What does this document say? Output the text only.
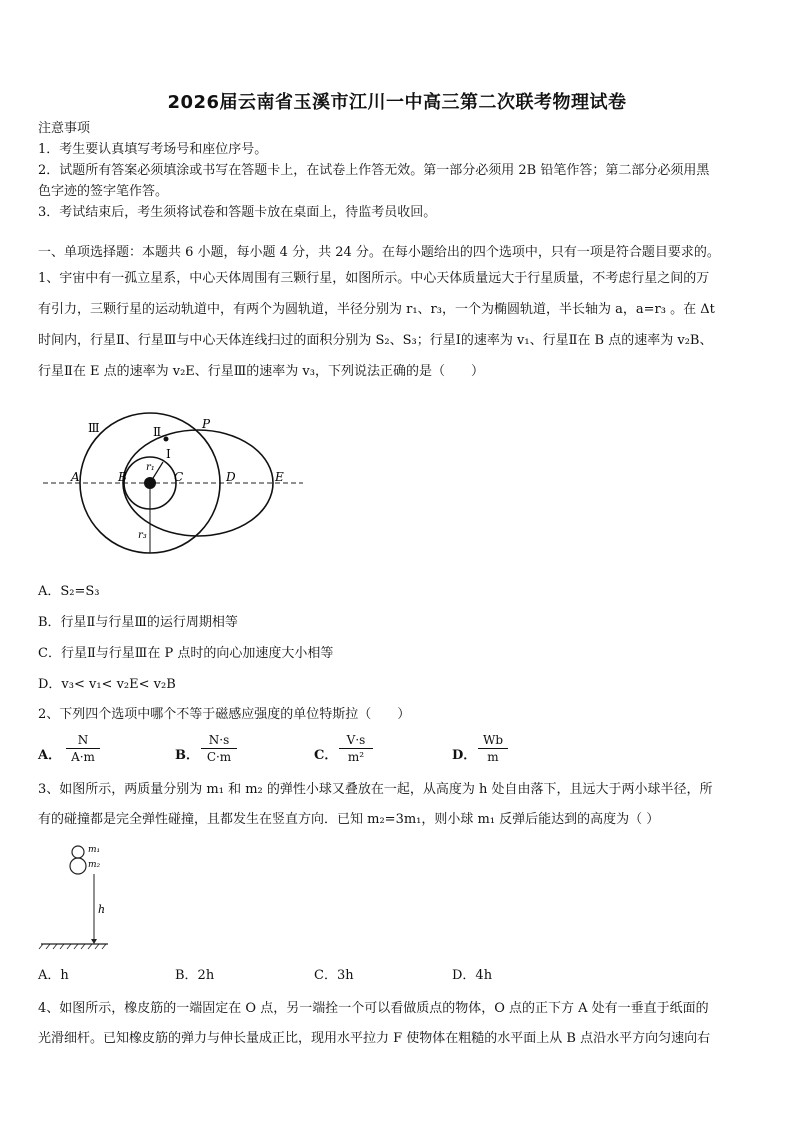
2026届云南省玉溪市江川一中高三第二次联考物理试卷
注意事项
1．考生要认真填写考场号和座位序号。
2．试题所有答案必须填涂或书写在答题卡上，在试卷上作答无效。第一部分必须用 2B 铅笔作答；第二部分必须用黑
色字迹的签字笔作答。
3．考试结束后，考生须将试卷和答题卡放在桌面上，待监考员收回。
一、单项选择题：本题共 6 小题，每小题 4 分，共 24 分。在每小题给出的四个选项中，只有一项是符合题目要求的。
1、宇宙中有一孤立星系，中心天体周围有三颗行星，如图所示。中心天体质量远大于行星质量，不考虑行星之间的万
有引力，三颗行星的运动轨道中，有两个为圆轨道，半径分别为 r₁、r₃，一个为椭圆轨道，半长轴为 a，a=r₃ 。在 Δt
时间内，行星Ⅱ、行星Ⅲ与中心天体连线扫过的面积分别为 S₂、S₃；行星Ⅰ的速率为 v₁、行星Ⅱ在 B 点的速率为 v₂B、
行星Ⅱ在 E 点的速率为 v₂E、行星Ⅲ的速率为 v₃，下列说法正确的是（　　）
Ⅲ	Ⅱ
P
I
r₁
A	B	C	D	E
r₃
A．S₂=S₃
B．行星Ⅱ与行星Ⅲ的运行周期相等
C．行星Ⅱ与行星Ⅲ在 P 点时的向心加速度大小相等
D．v₃< v₁< v₂E< v₂B
2、下列四个选项中哪个不等于磁感应强度的单位特斯拉（　　）
A．
N
A·m	B．
N·s
C·m	C．
V·s
m²	D．
Wb
m
3、如图所示，两质量分别为 m₁ 和 m₂ 的弹性小球又叠放在一起，从高度为 h 处自由落下，且远大于两小球半径，所
有的碰撞都是完全弹性碰撞，且都发生在竖直方向．已知 m₂=3m₁，则小球 m₁ 反弹后能达到的高度为（ ）
m₁
m₂
h
A．h	B．2h	C．3h	D．4h
4、如图所示，橡皮筋的一端固定在 O 点，另一端拴一个可以看做质点的物体，O 点的正下方 A 处有一垂直于纸面的
光滑细杆。已知橡皮筋的弹力与伸长量成正比，现用水平拉力 F 使物体在粗糙的水平面上从 B 点沿水平方向匀速向右
